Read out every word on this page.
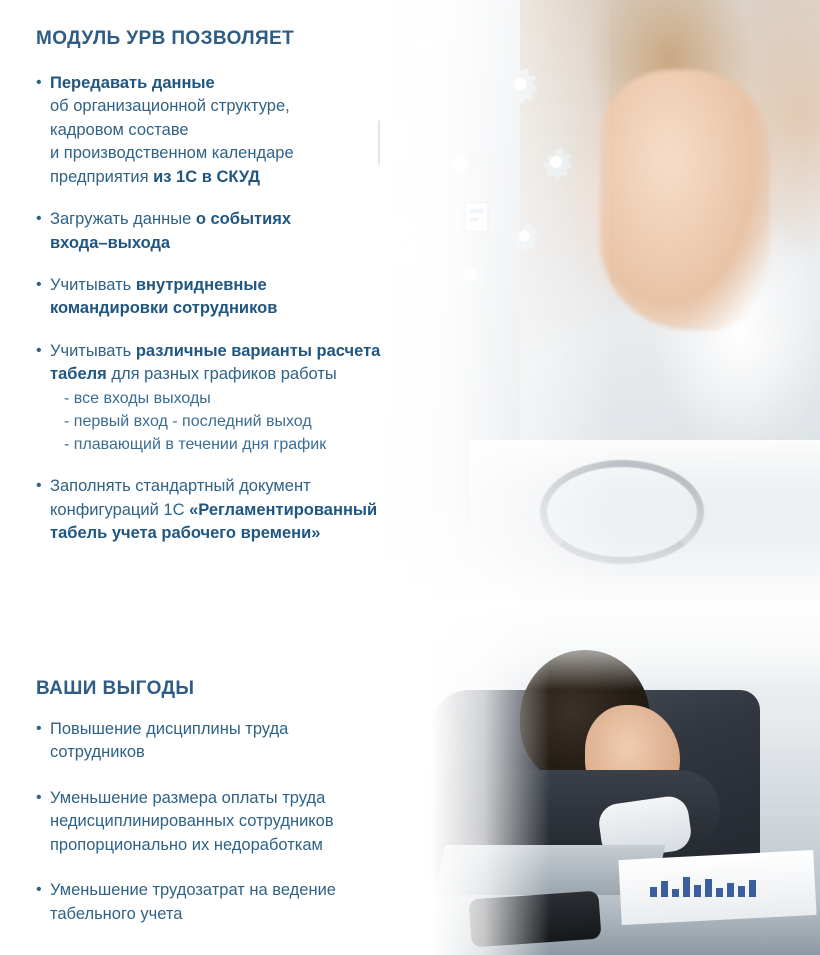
МОДУЛЬ УРВ ПОЗВОЛЯЕТ
• Передавать данные
об организационной структуре,
кадровом составе
и производственном календаре
предприятия из 1С в СКУД
• Загружать данные о событиях
входа–выхода
• Учитывать внутридневные
командировки сотрудников
• Учитывать различные варианты расчета
табеля для разных графиков работы
- все входы выходы
- первый вход - последний выход
- плавающий в течении дня график
• Заполнять стандартный документ
конфигураций 1С «Регламентированный
табель учета рабочего времени»
ВАШИ ВЫГОДЫ
• Повышение дисциплины труда
сотрудников
• Уменьшение размера оплаты труда
недисциплинированных сотрудников
пропорционально их недоработкам
• Уменьшение трудозатрат на ведение
табельного учета
